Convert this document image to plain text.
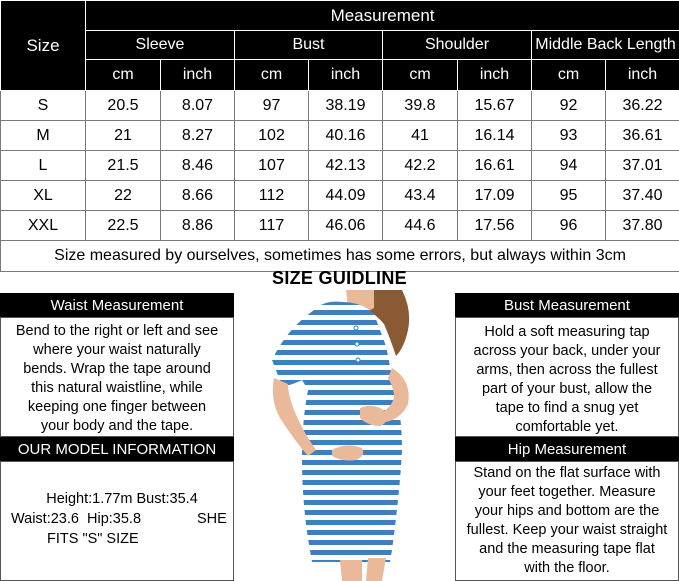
Size	Measurement							
	Sleeve		Bust		Shoulder		Middle Back Length	
	cm	inch	cm	inch	cm	inch	cm	inch
S	20.5	8.07	97	38.19	39.8	15.67	92	36.22
M	21	8.27	102	40.16	41	16.14	93	36.61
L	21.5	8.46	107	42.13	42.2	16.61	94	37.01
XL	22	8.66	112	44.09	43.4	17.09	95	37.40
XXL	22.5	8.86	117	46.06	44.6	17.56	96	37.80
Size measured by ourselves, sometimes has some errors, but always within 3cm								
SIZE GUIDLINE
Waist Measurement
Bend to the right or left and see
where your waist naturally
bends. Wrap the tape around
this natural waistline, while
keeping one finger between
your body and the tape.
OUR MODEL INFORMATION
Height:1.77m Bust:35.4
Waist:23.6  Hip:35.8	SHE
FITS "S" SIZE
Bust Measurement
Hold a soft measuring tap
across your back, under your
arms, then across the fullest
part of your bust, allow the
tape to find a snug yet
comfortable yet.
Hip Measurement
Stand on the flat surface with
your feet together. Measure
your hips and bottom are the
fullest. Keep your waist straight
and the measuring tape flat
with the floor.
